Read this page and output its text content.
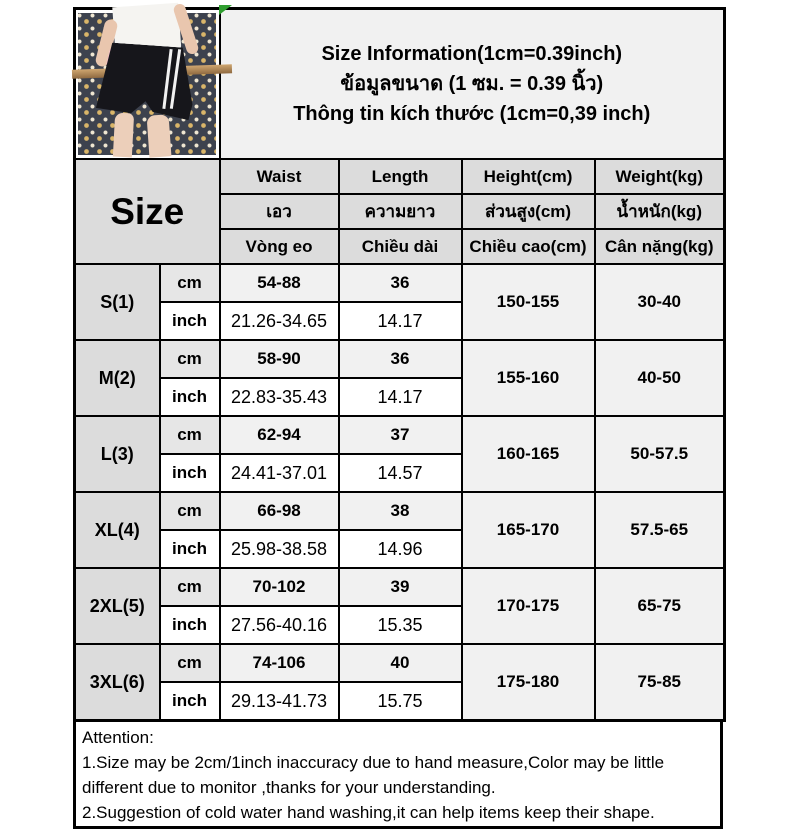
		Size Information(1cm=0.39inch)
ข้อมูลขนาด (1 ซม. = 0.39 นิ้ว)
Thông tin kích thước (1cm=0,39 inch)			

Size		Waist	Length	Height(cm)	Weight(kg)
		เอว	ความยาว	ส่วนสูง(cm)	น้ำหนัก(kg)
		Vòng eo	Chiều dài	Chiều cao(cm)	Cân nặng(kg)
S(1)	cm	54-88	36	150-155	30-40
	inch	21.26-34.65	14.17		
M(2)	cm	58-90	36	155-160	40-50
	inch	22.83-35.43	14.17		
L(3)	cm	62-94	37	160-165	50-57.5
	inch	24.41-37.01	14.57		
XL(4)	cm	66-98	38	165-170	57.5-65
	inch	25.98-38.58	14.96		
2XL(5)	cm	70-102	39	170-175	65-75
	inch	27.56-40.16	15.35		
3XL(6)	cm	74-106	40	175-180	75-85
	inch	29.13-41.73	15.75		
Attention:
1.Size may be 2cm/1inch inaccuracy due to hand measure,Color may be little different due to monitor ,thanks for your understanding.
2.Suggestion of cold water hand washing,it can help items keep their shape.
